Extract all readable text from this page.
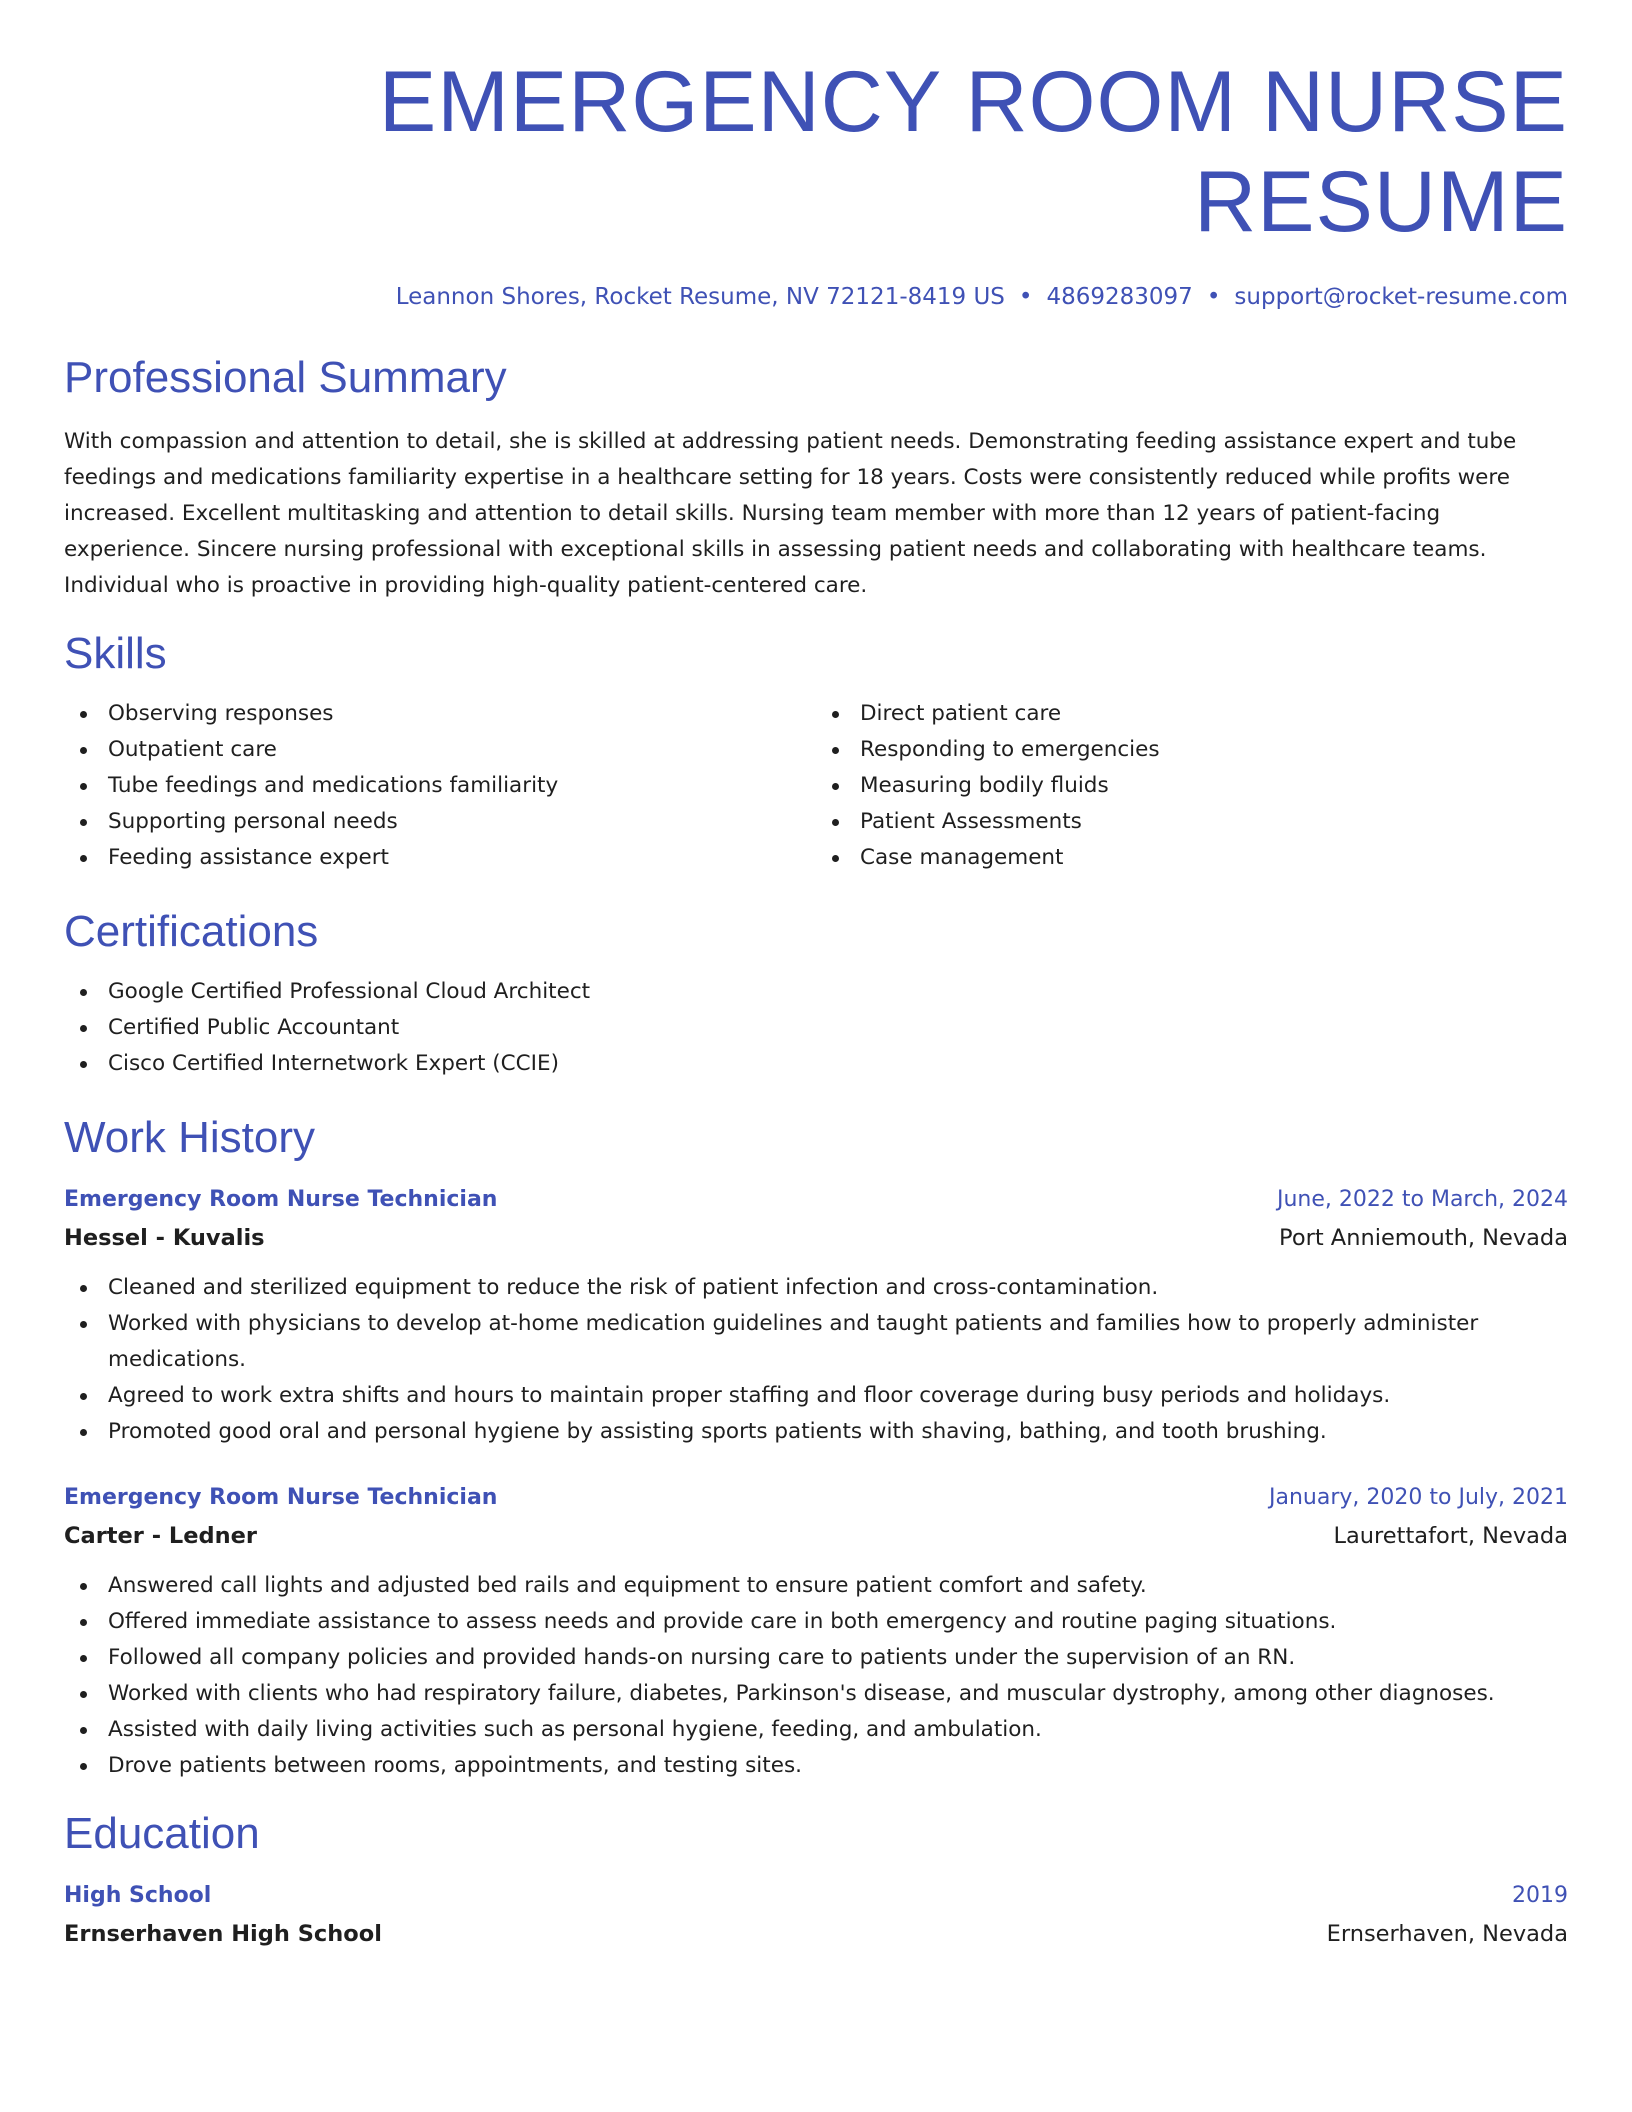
EMERGENCY ROOM NURSE RESUME
Leannon Shores, Rocket Resume, NV 72121-8419 US • 4869283097 • support@rocket-resume.com
Professional Summary
With compassion and attention to detail, she is skilled at addressing patient needs. Demonstrating feeding assistance expert and tube feedings and medications familiarity expertise in a healthcare setting for 18 years. Costs were consistently reduced while profits were increased. Excellent multitasking and attention to detail skills. Nursing team member with more than 12 years of patient-facing experience. Sincere nursing professional with exceptional skills in assessing patient needs and collaborating with healthcare teams. Individual who is proactive in providing high-quality patient-centered care.
Skills
Observing responses
Outpatient care
Tube feedings and medications familiarity
Supporting personal needs
Feeding assistance expert
Direct patient care
Responding to emergencies
Measuring bodily fluids
Patient Assessments
Case management
Certifications
Google Certified Professional Cloud Architect
Certified Public Accountant
Cisco Certified Internetwork Expert (CCIE)
Work History
Emergency Room Nurse Technician	June, 2022 to March, 2024
Hessel - Kuvalis	Port Anniemouth, Nevada
Cleaned and sterilized equipment to reduce the risk of patient infection and cross-contamination.
Worked with physicians to develop at-home medication guidelines and taught patients and families how to properly administer medications.
Agreed to work extra shifts and hours to maintain proper staffing and floor coverage during busy periods and holidays.
Promoted good oral and personal hygiene by assisting sports patients with shaving, bathing, and tooth brushing.
Emergency Room Nurse Technician	January, 2020 to July, 2021
Carter - Ledner	Laurettafort, Nevada
Answered call lights and adjusted bed rails and equipment to ensure patient comfort and safety.
Offered immediate assistance to assess needs and provide care in both emergency and routine paging situations.
Followed all company policies and provided hands-on nursing care to patients under the supervision of an RN.
Worked with clients who had respiratory failure, diabetes, Parkinson's disease, and muscular dystrophy, among other diagnoses.
Assisted with daily living activities such as personal hygiene, feeding, and ambulation.
Drove patients between rooms, appointments, and testing sites.
Education
High School	2019
Ernserhaven High School	Ernserhaven, Nevada
